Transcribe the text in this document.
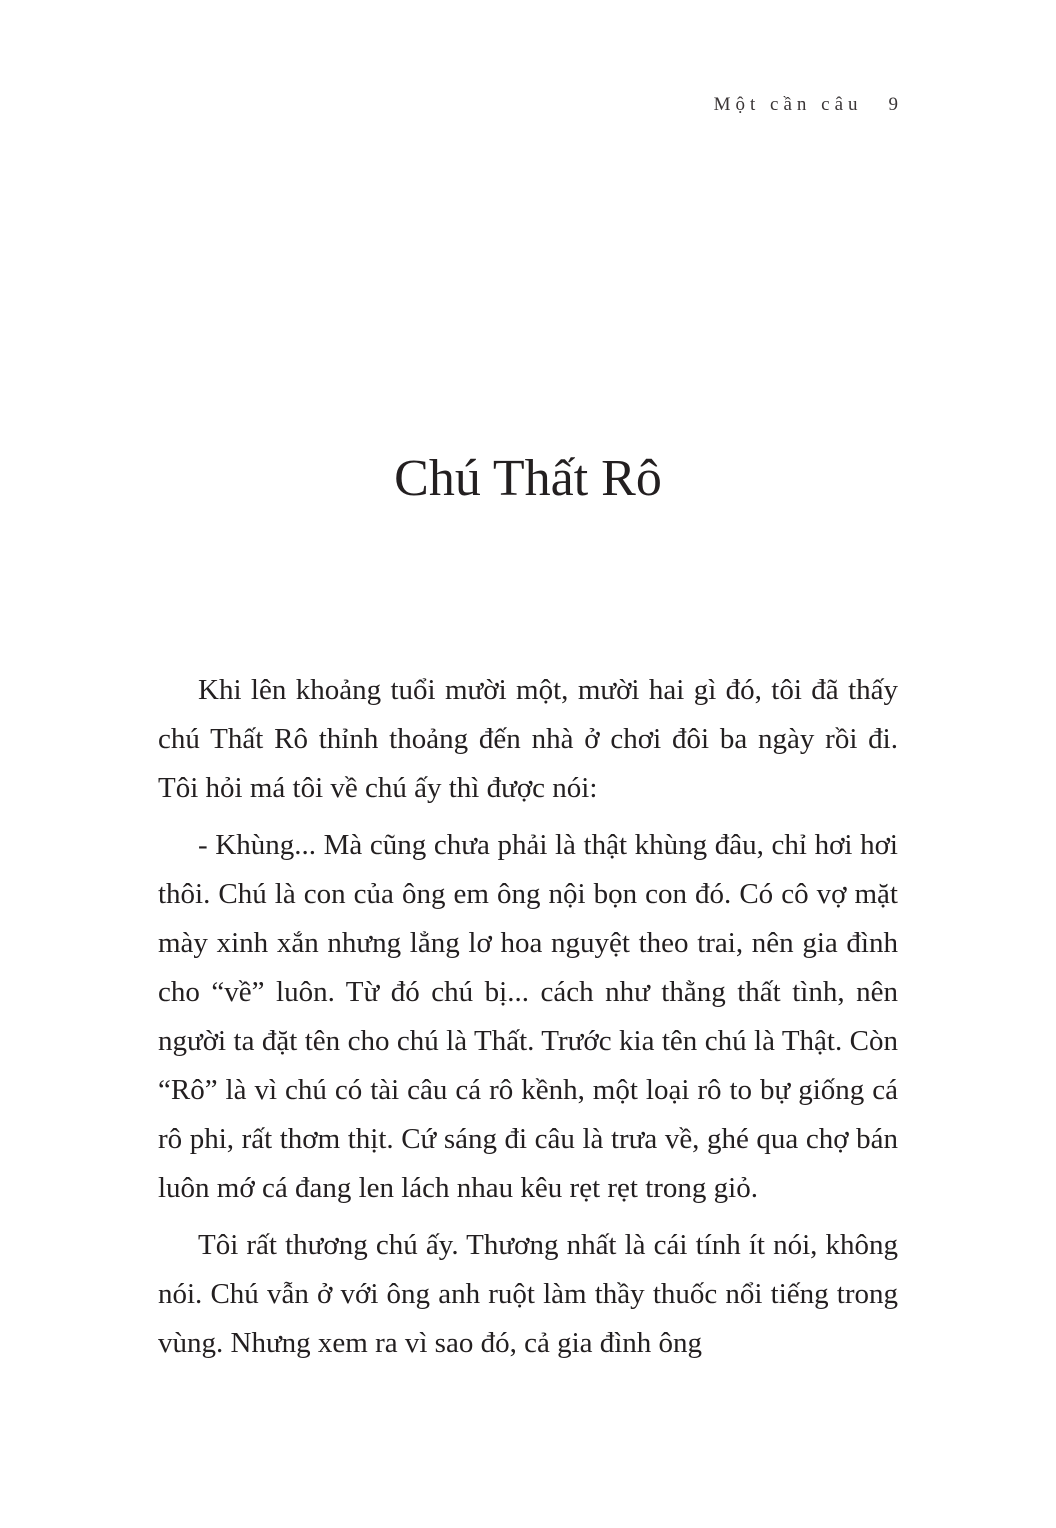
Một cần câu 9
Chú Thất Rô

Khi lên khoảng tuổi mười một, mười hai gì đó, tôi đã thấy chú Thất Rô thỉnh thoảng đến nhà ở chơi đôi ba ngày rồi đi. Tôi hỏi má tôi về chú ấy thì được nói:

- Khùng... Mà cũng chưa phải là thật khùng đâu, chỉ hơi hơi thôi. Chú là con của ông em ông nội bọn con đó. Có cô vợ mặt mày xinh xắn nhưng lẳng lơ hoa nguyệt theo trai, nên gia đình cho “về” luôn. Từ đó chú bị... cách như thằng thất tình, nên người ta đặt tên cho chú là Thất. Trước kia tên chú là Thật. Còn “Rô” là vì chú có tài câu cá rô kềnh, một loại rô to bự giống cá rô phi, rất thơm thịt. Cứ sáng đi câu là trưa về, ghé qua chợ bán luôn mớ cá đang len lách nhau kêu rẹt rẹt trong giỏ.

Tôi rất thương chú ấy. Thương nhất là cái tính ít nói, không nói. Chú vẫn ở với ông anh ruột làm thầy thuốc nổi tiếng trong vùng. Nhưng xem ra vì sao đó, cả gia đình ông
